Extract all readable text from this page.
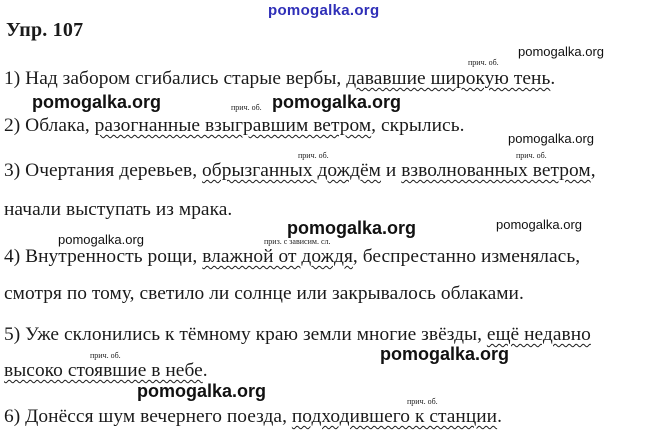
pomogalka.org
Упр. 107
pomogalka.org
прич. об.
1) Над забором сгибались старые вербы, дававшие широкую тень.
pomogalka.org	прич. об. pomogalka.org
2) Облака, разогнанные взыгравшим ветром, скрылись.
pomogalka.org
прич. об.	прич. об.
3) Очертания деревьев, обрызганных дождём и взволнованных ветром,
начали выступать из мрака.
pomogalka.org	pomogalka.org
pomogalka.org	приз. с зависим. сл.
4) Внутренность рощи, влажной от дождя, беспрестанно изменялась,
смотря по тому, светило ли солнце или закрывалось облаками.
5) Уже склонились к тёмному краю земли многие звёзды, ещё недавно
прич. об.	pomogalka.org
высоко стоявшие в небе.
pomogalka.org
прич. об.
6) Донёсся шум вечернего поезда, подходившего к станции.
